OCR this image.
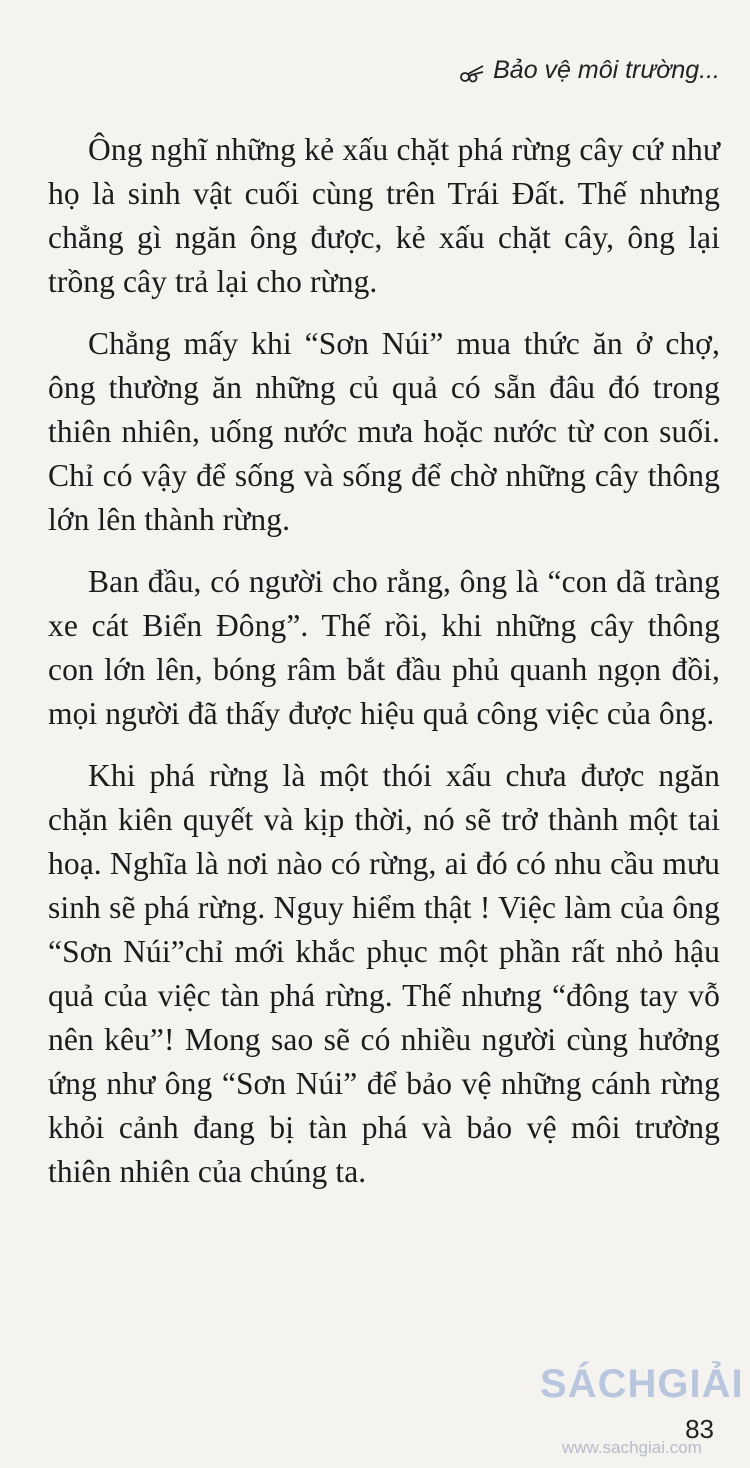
Bảo vệ môi trường...

Ông nghĩ những kẻ xấu chặt phá rừng cây cứ như họ là sinh vật cuối cùng trên Trái Đất. Thế nhưng chẳng gì ngăn ông được, kẻ xấu chặt cây, ông lại trồng cây trả lại cho rừng.

Chẳng mấy khi “Sơn Núi” mua thức ăn ở chợ, ông thường ăn những củ quả có sẵn đâu đó trong thiên nhiên, uống nước mưa hoặc nước từ con suối. Chỉ có vậy để sống và sống để chờ những cây thông lớn lên thành rừng.

Ban đầu, có người cho rằng, ông là “con dã tràng xe cát Biển Đông”. Thế rồi, khi những cây thông con lớn lên, bóng râm bắt đầu phủ quanh ngọn đồi, mọi người đã thấy được hiệu quả công việc của ông.

Khi phá rừng là một thói xấu chưa được ngăn chặn kiên quyết và kịp thời, nó sẽ trở thành một tai hoạ. Nghĩa là nơi nào có rừng, ai đó có nhu cầu mưu sinh sẽ phá rừng. Nguy hiểm thật ! Việc làm của ông “Sơn Núi”chỉ mới khắc phục một phần rất nhỏ hậu quả của việc tàn phá rừng. Thế nhưng “đông tay vỗ nên kêu”! Mong sao sẽ có nhiều người cùng hưởng ứng như ông “Sơn Núi” để bảo vệ những cánh rừng khỏi cảnh đang bị tàn phá và bảo vệ môi trường thiên nhiên của chúng ta.

SÁCHGIẢI
www.sachgiai.com
83
